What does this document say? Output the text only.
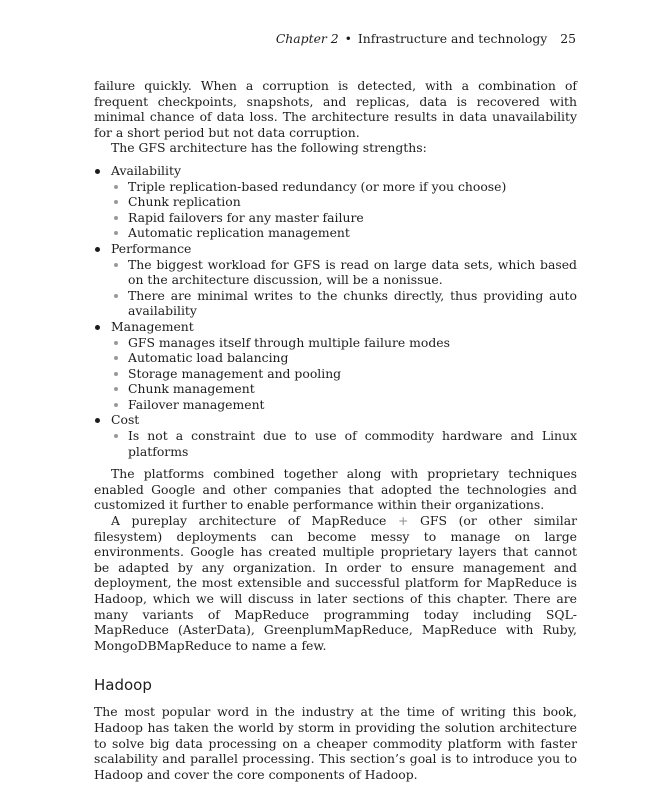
Chapter 2 • Infrastructure and technology 25

failure quickly. When a corruption is detected, with a combination of frequent checkpoints, snapshots, and replicas, data is recovered with minimal chance of data loss. The architecture results in data unavailability for a short period but not data corruption.

The GFS architecture has the following strengths:

Availability
Triple replication-based redundancy (or more if you choose)
Chunk replication
Rapid failovers for any master failure
Automatic replication management
Performance
The biggest workload for GFS is read on large data sets, which based on the architecture discussion, will be a nonissue.
There are minimal writes to the chunks directly, thus providing auto availability
Management
GFS manages itself through multiple failure modes
Automatic load balancing
Storage management and pooling
Chunk management
Failover management
Cost
Is not a constraint due to use of commodity hardware and Linux platforms

The platforms combined together along with proprietary techniques enabled Google and other companies that adopted the technologies and customized it further to enable performance within their organizations.

A pureplay architecture of MapReduce + GFS (or other similar filesystem) deployments can become messy to manage on large environments. Google has created multiple proprietary layers that cannot be adapted by any organization. In order to ensure management and deployment, the most extensible and successful platform for MapReduce is Hadoop, which we will discuss in later sections of this chapter. There are many variants of MapReduce programming today including SQL-MapReduce (AsterData), GreenplumMapReduce, MapReduce with Ruby, MongoDBMapReduce to name a few.

Hadoop

The most popular word in the industry at the time of writing this book, Hadoop has taken the world by storm in providing the solution architecture to solve big data processing on a cheaper commodity platform with faster scalability and parallel processing. This section’s goal is to introduce you to Hadoop and cover the core components of Hadoop.
